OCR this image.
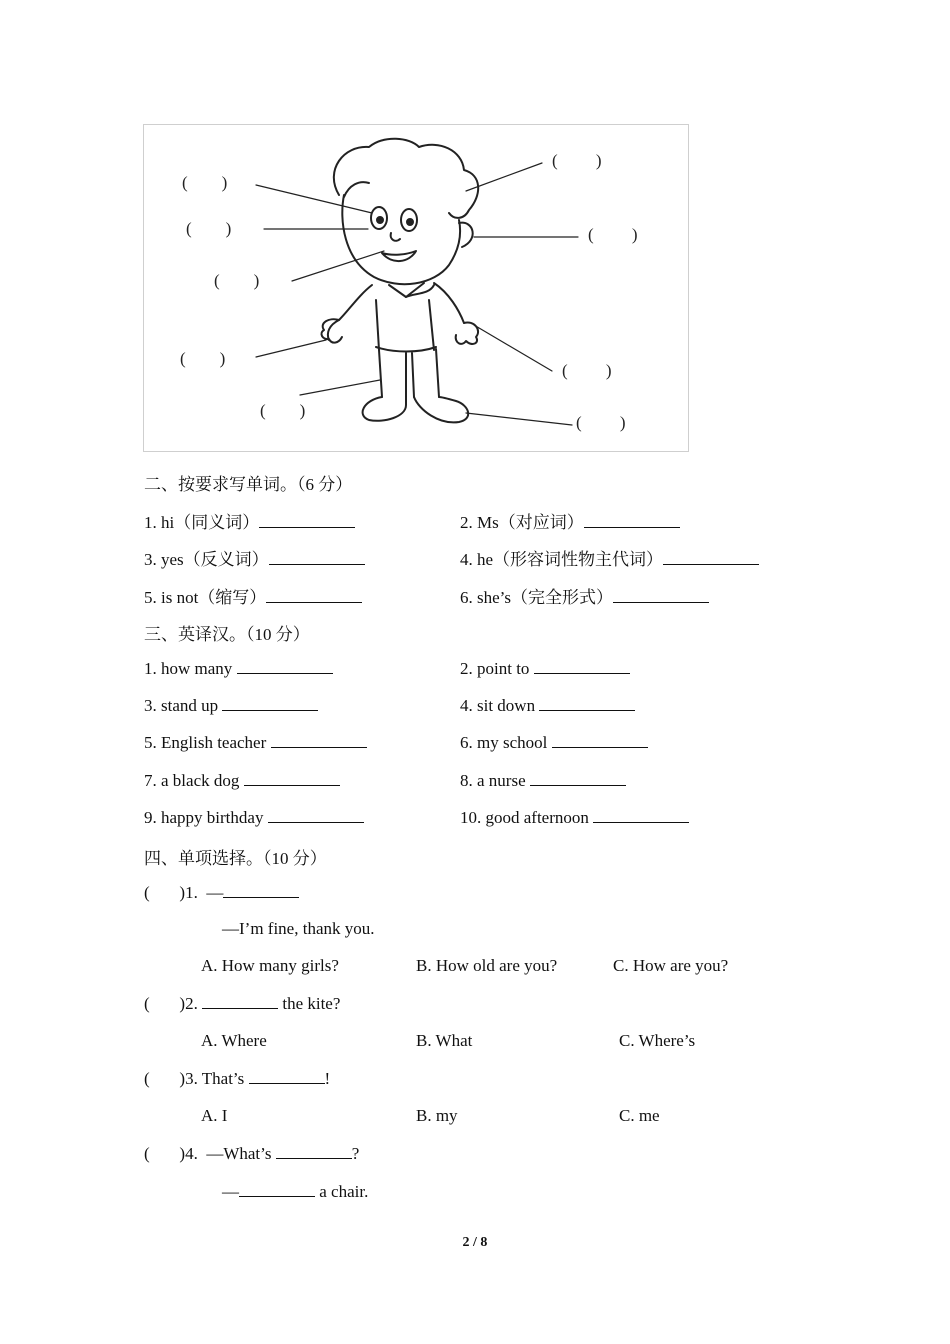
( )
( )
( )
( )
( )
( )
( )
( )
( )
二、按要求写单词。（6 分）
1. hi（同义词）	2. Ms（对应词）
3. yes（反义词）	4. he（形容词性物主代词）
5. is not（缩写）	6. she’s（完全形式）
三、英译汉。（10 分）
1. how many	2. point to
3. stand up	4. sit down
5. English teacher	6. my school
7. a black dog	8. a nurse
9. happy birthday	10. good afternoon
四、单项选择。（10 分）
( )1. —
—I’m fine, thank you.
A. How many girls?	B. How old are you?	C. How are you?
( )2.	the kite?
A. Where	B. What	C. Where’s
( )3. That’s	!
A. I	B. my	C. me
( )4. —What’s	?
—	a chair.
2 / 8
